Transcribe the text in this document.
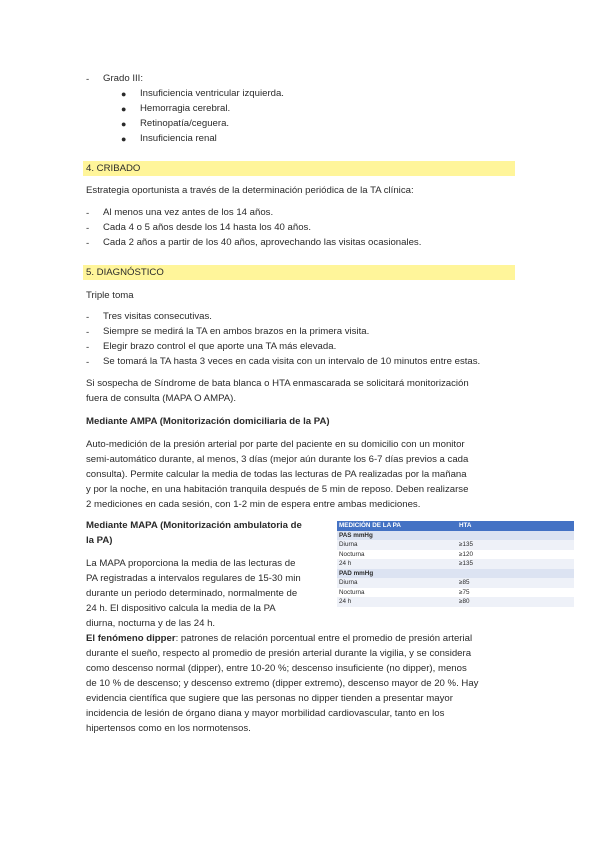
- Grado III:
● Insuficiencia ventricular izquierda.
● Hemorragia cerebral.
● Retinopatía/ceguera.
● Insuficiencia renal
4. CRIBADO
Estrategia oportunista a través de la determinación periódica de la TA clínica:
- Al menos una vez antes de los 14 años.
- Cada 4 o 5 años desde los 14 hasta los 40 años.
- Cada 2 años a partir de los 40 años, aprovechando las visitas ocasionales.
5. DIAGNÓSTICO
Triple toma
- Tres visitas consecutivas.
- Siempre se medirá la TA en ambos brazos en la primera visita.
- Elegir brazo control el que aporte una TA más elevada.
- Se tomará la TA hasta 3 veces en cada visita con un intervalo de 10 minutos entre estas.
Si sospecha de Síndrome de bata blanca o HTA enmascarada se solicitará monitorización
fuera de consulta (MAPA O AMPA).
Mediante AMPA (Monitorización domiciliaria de la PA)
Auto-medición de la presión arterial por parte del paciente en su domicilio con un monitor
semi-automático durante, al menos, 3 días (mejor aún durante los 6-7 días previos a cada
consulta). Permite calcular la media de todas las lecturas de PA realizadas por la mañana
y por la noche, en una habitación tranquila después de 5 min de reposo. Deben realizarse
2 mediciones en cada sesión, con 1-2 min de espera entre ambas mediciones.
Mediante MAPA (Monitorización ambulatoria de
la PA)
La MAPA proporciona la media de las lecturas de
PA registradas a intervalos regulares de 15-30 min
durante un periodo determinado, normalmente de
24 h. El dispositivo calcula la media de la PA
diurna, nocturna y de las 24 h.
MEDICIÓN DE LA PA	HTA
PAS mmHg	
Diurna	≥135
Nocturna	≥120
24 h	≥135
PAD mmHg	
Diurna	≥85
Nocturna	≥75
24 h	≥80
El fenómeno dipper: patrones de relación porcentual entre el promedio de presión arterial
durante el sueño, respecto al promedio de presión arterial durante la vigilia, y se considera
como descenso normal (dipper), entre 10-20 %; descenso insuficiente (no dipper), menos
de 10 % de descenso; y descenso extremo (dipper extremo), descenso mayor de 20 %. Hay
evidencia científica que sugiere que las personas no dipper tienden a presentar mayor
incidencia de lesión de órgano diana y mayor morbilidad cardiovascular, tanto en los
hipertensos como en los normotensos.
